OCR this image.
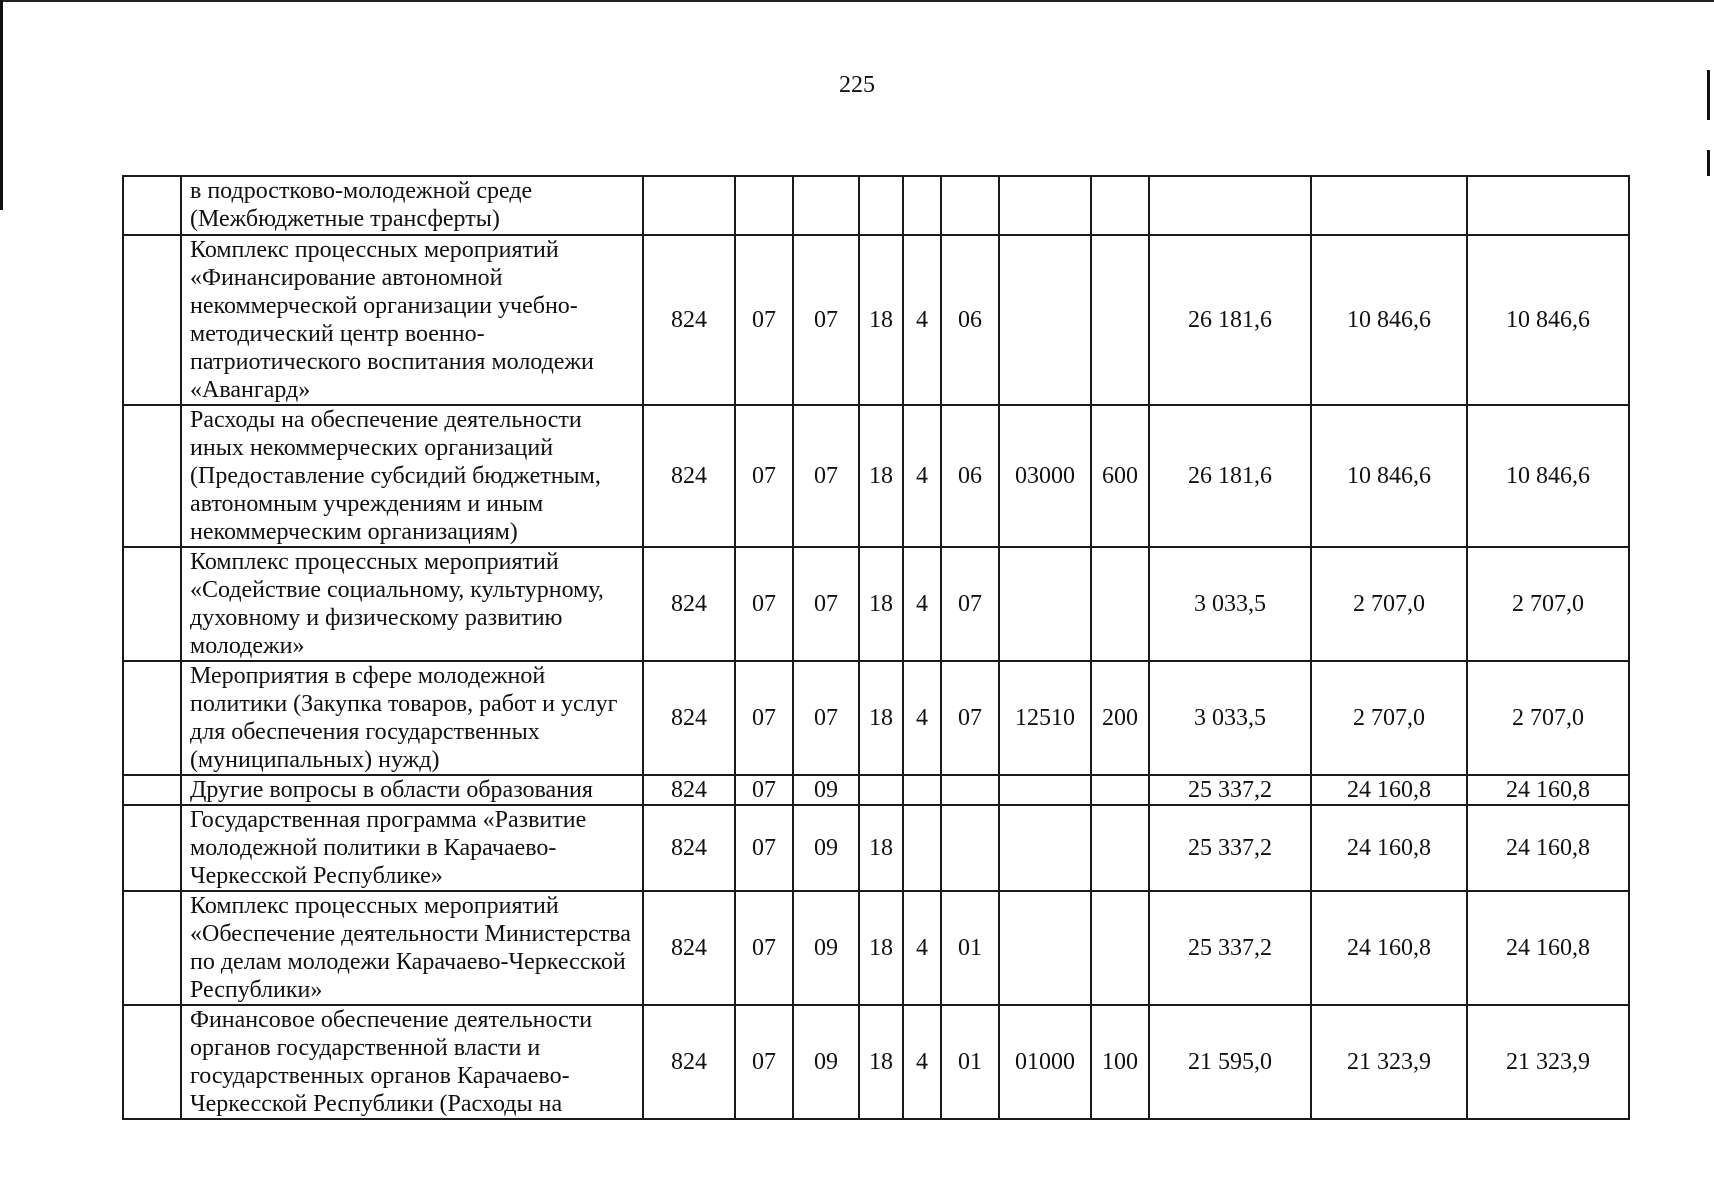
225
	в подростково-молодежной среде (Межбюджетные трансферты)											
	Комплекс процессных мероприятий «Финансирование автономной некоммерческой организации учебно-методический центр военно-патриотического воспитания молодежи «Авангард»	824	07	07	18	4	06			26 181,6	10 846,6	10 846,6
	Расходы на обеспечение деятельности иных некоммерческих организаций (Предоставление субсидий бюджетным, автономным учреждениям и иным некоммерческим организациям)	824	07	07	18	4	06	03000	600	26 181,6	10 846,6	10 846,6
	Комплекс процессных мероприятий «Содействие социальному, культурному, духовному и физическому развитию молодежи»	824	07	07	18	4	07			3 033,5	2 707,0	2 707,0
	Мероприятия в сфере молодежной политики (Закупка товаров, работ и услуг для обеспечения государственных (муниципальных) нужд)	824	07	07	18	4	07	12510	200	3 033,5	2 707,0	2 707,0
	Другие вопросы в области образования	824	07	09						25 337,2	24 160,8	24 160,8
	Государственная программа «Развитие молодежной политики в Карачаево-Черкесской Республике»	824	07	09	18					25 337,2	24 160,8	24 160,8
	Комплекс процессных мероприятий «Обеспечение деятельности Министерства по делам молодежи Карачаево-Черкесской Республики»	824	07	09	18	4	01			25 337,2	24 160,8	24 160,8
	Финансовое обеспечение деятельности органов государственной власти и государственных органов Карачаево-Черкесской Республики (Расходы на	824	07	09	18	4	01	01000	100	21 595,0	21 323,9	21 323,9
